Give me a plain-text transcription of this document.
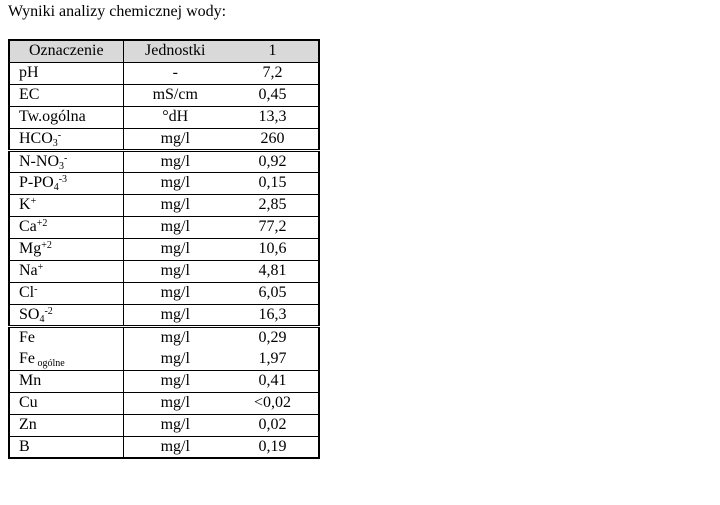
Wyniki analizy chemicznej wody:
Oznaczenie	Jednostki	1
pH	-	7,2
EC	mS/cm	0,45
Tw.ogólna	°dH	13,3
$HCO_3^-$	mg/l	260
$N-NO_3^-$	mg/l	0,92
$P-PO_4^{-3}$	mg/l	0,15
K+	mg/l	2,85
$Ca^{+2}$	mg/l	77,2
$Mg^{+2}$	mg/l	10,6
Na+	mg/l	4,81
Cl-	mg/l	6,05
$SO_4^{-2}$	mg/l	16,3
Fe	mg/l	0,29
Fe $_{ogólne}$	mg/l	1,97
Mn	mg/l	0,41
Cu	mg/l	<0,02
Zn	mg/l	0,02
B	mg/l	0,19
